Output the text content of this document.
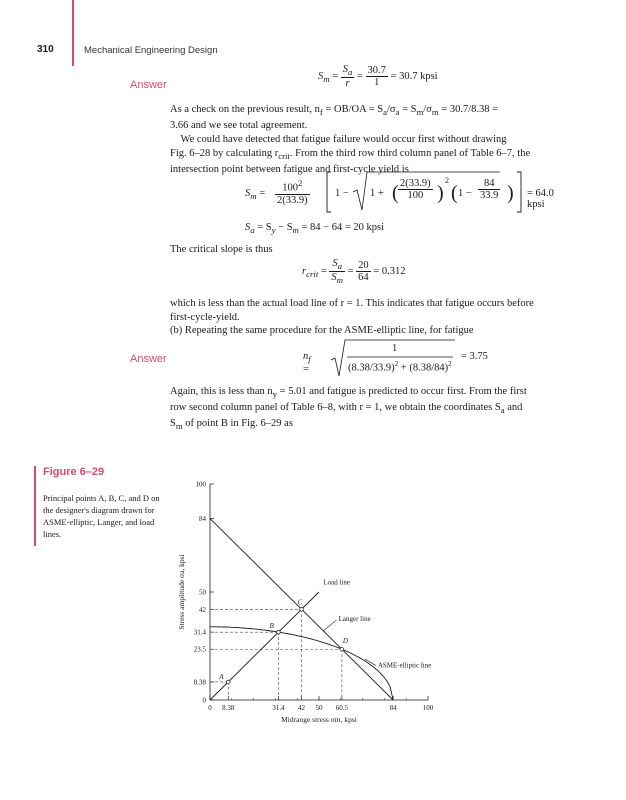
310	Mechanical Engineering Design
Answer
$S_m = \frac{S_a}{r} = \frac{30.7}{1} = 30.7$ kpsi
As a check on the previous result, $n_f = OB/OA = S_a/\sigma_a = S_m/\sigma_m = 30.7/8.38$ =
3.66 and we see total agreement.
We could have detected that fatigue failure would occur first without drawing
Fig. 6–28 by calculating $r_{crit}$. From the third row third column panel of Table 6–7, the
intersection point between fatigue and first-cycle yield is
$S_m = \frac{100^2}{2(33.9)} 1 - 1$ + ( $\frac{2(33.9)}{100}$ )
2
( $1 - \frac{84}{33.9}$ ) = 64.0 kpsi
$S_a = S_y - S_m = 84 - 64 = 20$ kpsi
The critical slope is thus
$r_{crit} = \frac{S_a}{S_m} = \frac{20}{64} = 0.312$
which is less than the actual load line of r = 1. This indicates that fatigue occurs before
first-cycle-yield.
(b) Repeating the same procedure for the ASME-elliptic line, for fatigue
Answer	$n_f$ =
1
$(8.38/33.9)^2 + (8.38/84)^2$
= 3.75
Again, this is less than $n_y = 5.01$ and fatigue is predicted to occur first. From the first
row second column panel of Table 6–8, with r = 1, we obtain the coordinates $S_a$ and
$S_m$ of point B in Fig. 6–29 as
Figure 6–29
Principal points A, B, C, and D on the designer's diagram drawn for ASME-elliptic, Langer, and load lines.
0 8.38	31.4 42 50 60.5	84	100
0
8.38
23.5
31.4
42
50
84
100
A
B
C
D
Load line
Langer line
ASME-elliptic line
Midrange stress σm, kpsi
Stress amplitude σa, kpsi
